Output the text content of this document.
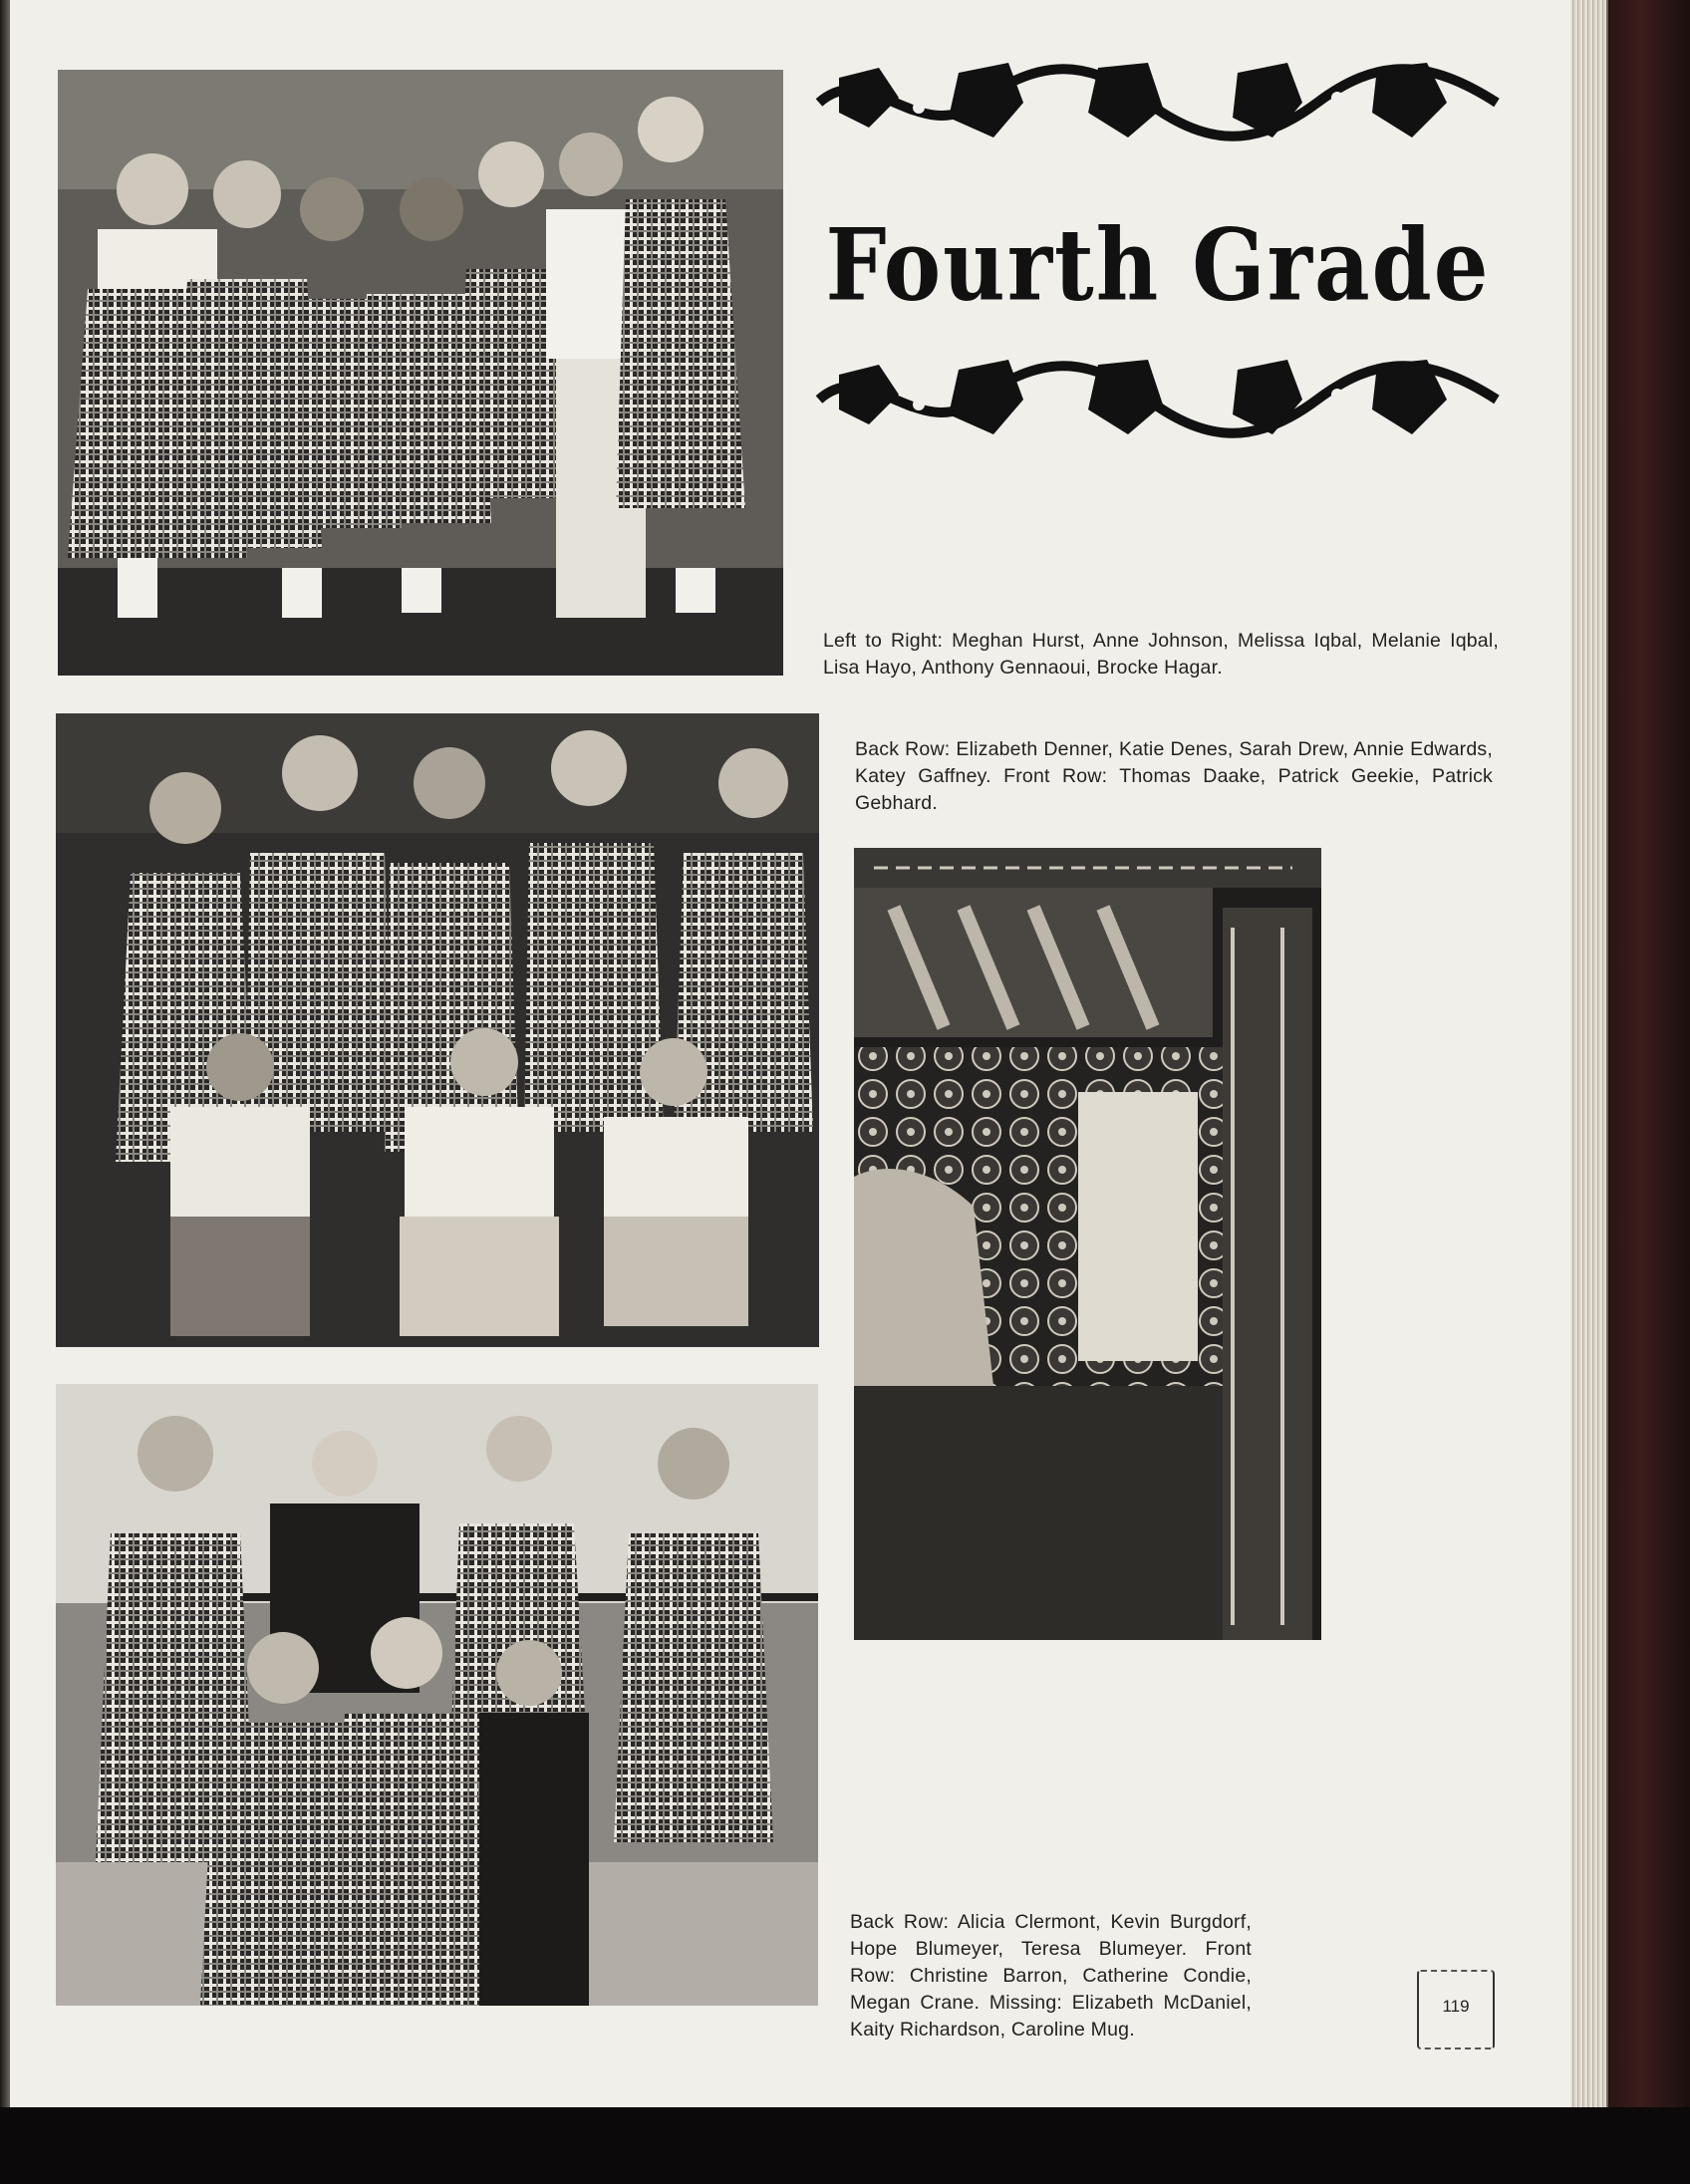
Fourth Grade
Left to Right: Meghan Hurst, Anne Johnson, Melissa Iqbal, Melanie Iqbal, Lisa Hayo, Anthony Gennaoui, Brocke Hagar.
Back Row: Elizabeth Denner, Katie Denes, Sarah Drew, Annie Edwards, Katey Gaffney. Front Row: Thomas Daake, Patrick Geekie, Patrick Gebhard.
Back Row: Alicia Clermont, Kevin Burgdorf, Hope Blumeyer, Teresa Blumeyer. Front Row: Christine Barron, Catherine Condie, Megan Crane. Missing: Elizabeth McDaniel, Kaity Richardson, Caroline Mug.
119
